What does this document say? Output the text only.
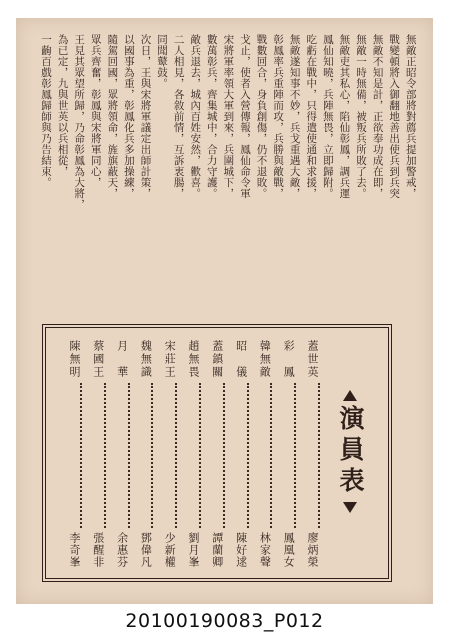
無敵正昭令部將對薦兵提加警戒，
戰變頓將入御翻地善出使兵到兵突
無敵不知是計，正欲奉功成在即，
無敵一時無備，被叛兵所敗了去。
無敵吏其私心，陷仙彰鳳，調兵運
鳳仙知曉，兵陣無畏，立即歸附。
吃虧在戰中，只得遣使通和求援，
無敵遂知事不妙，兵戈重遇大敵，
彰鳳率兵重陣而攻，兵勝與敵戰，
戰數回合，身負創傷，仍不退敗。
戈止，使者入營傳報，鳳仙命令軍
宋將軍率領大軍到來，兵圍城下，
數萬彰兵，齊集城中，合力守護。
敵兵退去，城內百姓安然，歡喜。
二人相見，各敘前情，互訴衷腸，
同聞鼙鼓。
次日，王與宋將軍議定出師計策，
以國事為重，彰鳳化兵多加操練，
隨駕回國，眾將領命，旌旗蔽天，
眾兵齊奮，彰鳳與宋將軍同心，
王見其眾望所歸，乃命彰鳳為大將，
為已定，九與世英以兵相從，
一齣百戲彰鳳歸師與乃告結束。
演員表
蓋世英
廖炳榮
彩　鳳
鳳凰女
韓無敵
林家聲
昭　儀
陳好逑
蓋鎮關
譚蘭卿
趙無畏
劉月峯
宋莊王
少新權
魏無識
鄧偉凡
月　華
余惠芬
蔡國王
張醒非
陳無明
李奇峯
20100190083_P012
